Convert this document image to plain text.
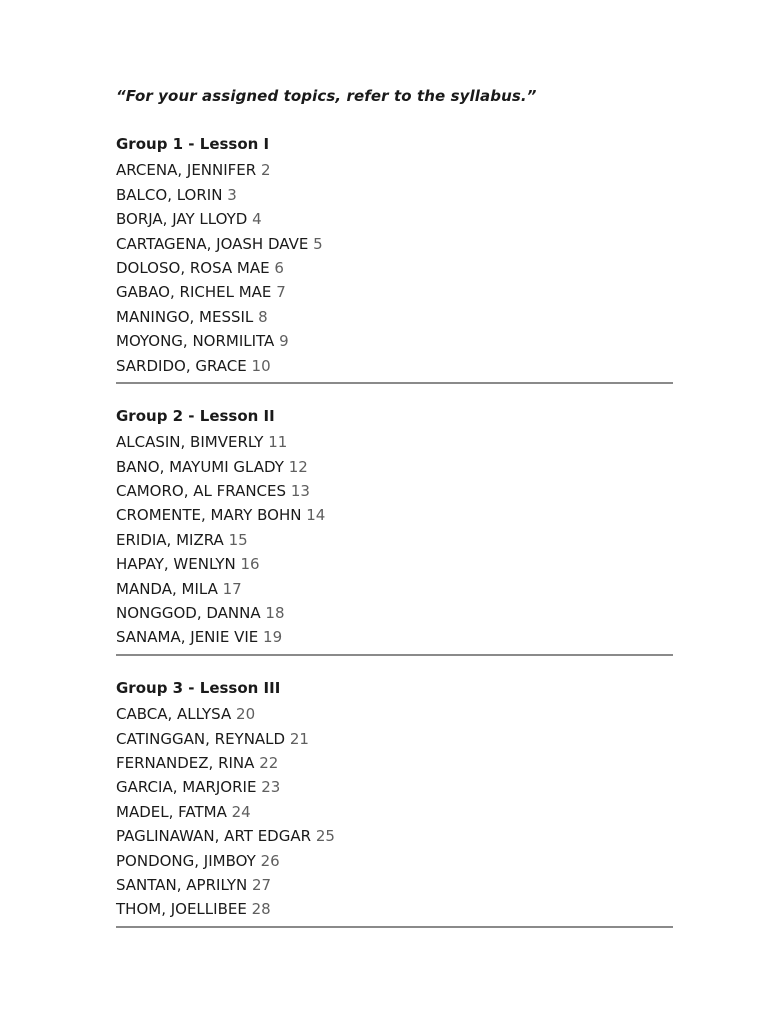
“For your assigned topics, refer to the syllabus.”

Group 1 - Lesson I
ARCENA, JENNIFER 2
BALCO, LORIN 3
BORJA, JAY LLOYD 4
CARTAGENA, JOASH DAVE 5
DOLOSO, ROSA MAE 6
GABAO, RICHEL MAE 7
MANINGO, MESSIL 8
MOYONG, NORMILITA 9
SARDIDO, GRACE 10
Group 2 - Lesson II
ALCASIN, BIMVERLY 11
BANO, MAYUMI GLADY 12
CAMORO, AL FRANCES 13
CROMENTE, MARY BOHN 14
ERIDIA, MIZRA 15
HAPAY, WENLYN 16
MANDA, MILA 17
NONGGOD, DANNA 18
SANAMA, JENIE VIE 19
Group 3 - Lesson III
CABCA, ALLYSA 20
CATINGGAN, REYNALD 21
FERNANDEZ, RINA 22
GARCIA, MARJORIE 23
MADEL, FATMA 24
PAGLINAWAN, ART EDGAR 25
PONDONG, JIMBOY 26
SANTAN, APRILYN 27
THOM, JOELLIBEE 28
